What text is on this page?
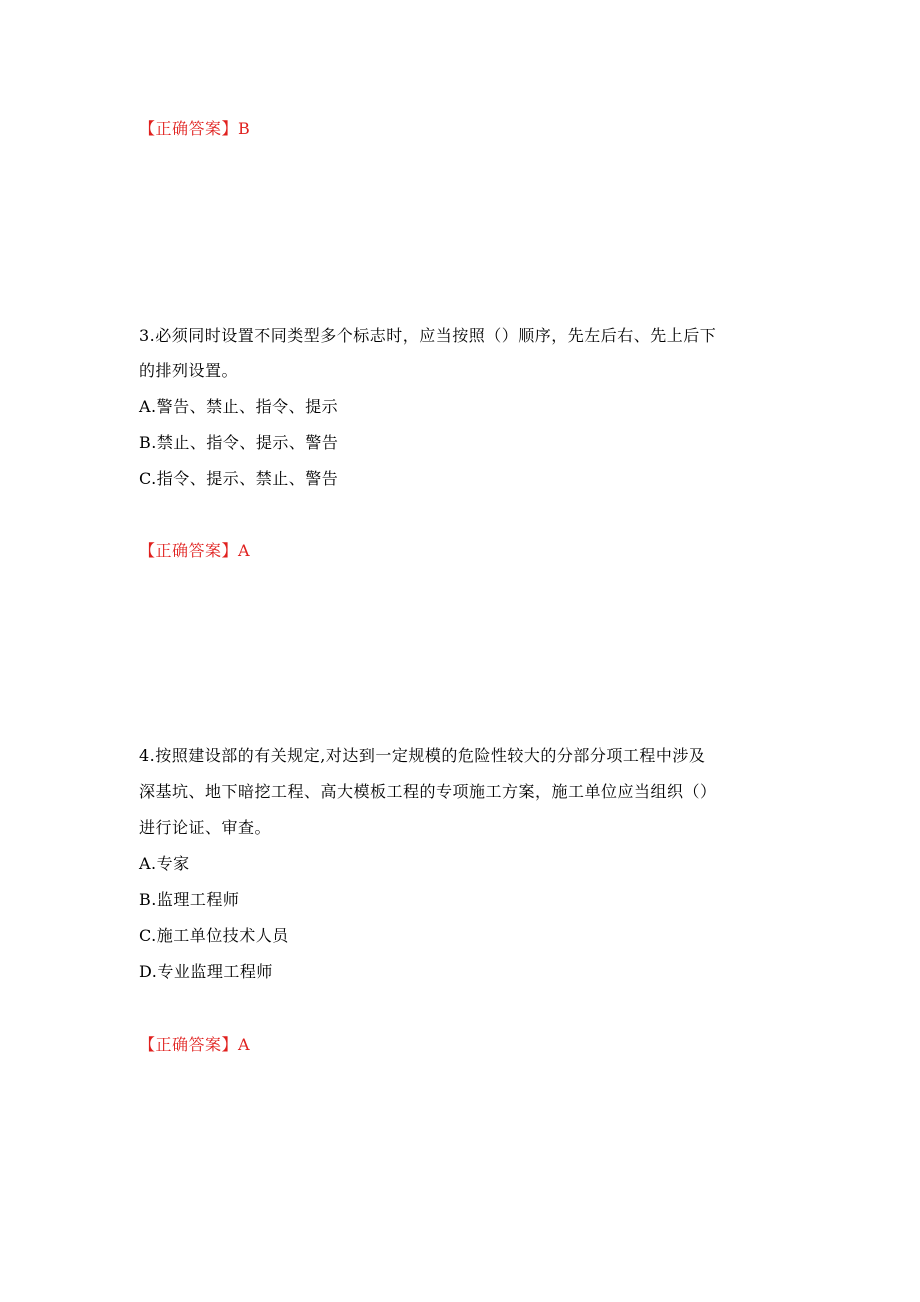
【正确答案】B
3.必须同时设置不同类型多个标志时，应当按照（）顺序，先左后右、先上后下
的排列设置。
A.警告、禁止、指令、提示
B.禁止、指令、提示、警告
C.指令、提示、禁止、警告
【正确答案】A
4.按照建设部的有关规定,对达到一定规模的危险性较大的分部分项工程中涉及
深基坑、地下暗挖工程、高大模板工程的专项施工方案，施工单位应当组织（）
进行论证、审查。
A.专家
B.监理工程师
C.施工单位技术人员
D.专业监理工程师
【正确答案】A
